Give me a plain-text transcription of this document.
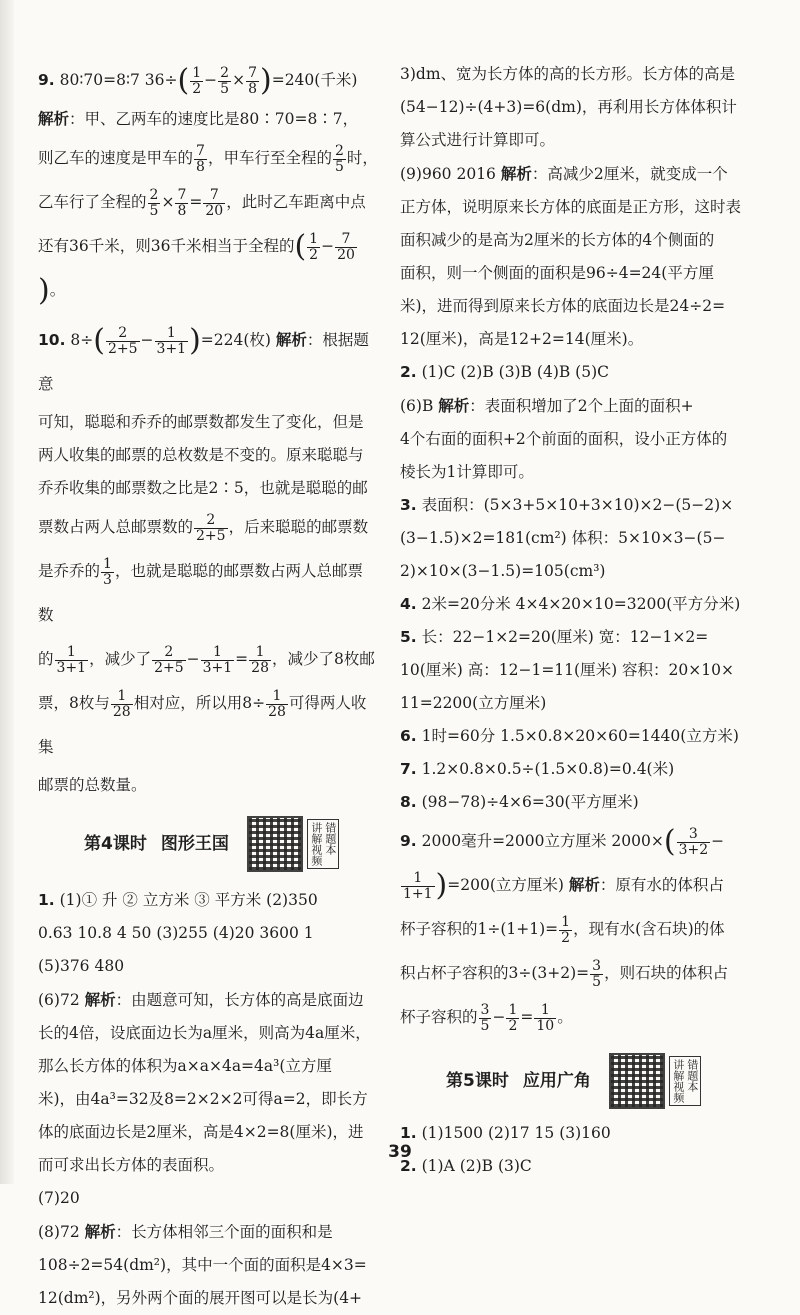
9. 80∶70=8∶7 $36\div( \frac{1}{2} - \frac{2}{5} \times \frac{7}{8} )=240$(千米)

解析：甲、乙两车的速度比是80∶70=8∶7，

则乙车的速度是甲车的 $\frac{7}{8}$ ，甲车行至全程的 $\frac{2}{5}$ 时，
乙车行了全程的 $\frac{2}{5} \times \frac{7}{8} = \frac{7}{20}$ ，此时乙车距离中点
还有36千米，则36千米相当于全程的( $\frac{1}{2} - \frac{7}{20}$
)。
10. $8\div( \frac{2}{2+5} - \frac{1}{3+1} )=224$(枚) 解析：根据题意

可知，聪聪和乔乔的邮票数都发生了变化，但是

两人收集的邮票的总枚数是不变的。原来聪聪与

乔乔收集的邮票数之比是2∶5，也就是聪聪的邮

票数占两人总邮票数的 $\frac{2}{2+5}$ ，后来聪聪的邮票数
是乔乔的 $\frac{1}{3}$ ，也就是聪聪的邮票数占两人总邮票数
的 $\frac{1}{3+1}$ ，减少了 $\frac{2}{2+5} - \frac{1}{3+1} = \frac{1}{28}$ ，减少了8枚邮
票，8枚与 $\frac{1}{28}$ 相对应，所以用$8\div \frac{1}{28}$ 可得两人收集

邮票的总数量。

第4课时 图形王国	讲解视频 错题本

1. (1)① 升 ② 立方米 ③ 平方米 (2)350

0.63 10.8 4 50 (3)255 (4)20 3600 1

(5)376 480

(6)72 解析：由题意可知，长方体的高是底面边

长的4倍，设底面边长为a厘米，则高为4a厘米，

那么长方体的体积为a×a×4a=4a³(立方厘

米)，由4a³=32及8=2×2×2可得a=2，即长方

体的底面边长是2厘米，高是4×2=8(厘米)，进

而可求出长方体的表面积。

(7)20

(8)72 解析：长方体相邻三个面的面积和是

108÷2=54(dm²)，其中一个面的面积是4×3=

12(dm²)，另外两个面的展开图可以是长为(4+

3)dm、宽为长方体的高的长方形。长方体的高是

(54−12)÷(4+3)=6(dm)，再利用长方体体积计

算公式进行计算即可。

(9)960 2016 解析：高减少2厘米，就变成一个

正方体，说明原来长方体的底面是正方形，这时表

面积减少的是高为2厘米的长方体的4个侧面的

面积，则一个侧面的面积是96÷4=24(平方厘

米)，进而得到原来长方体的底面边长是24÷2=

12(厘米)，高是12+2=14(厘米)。

2. (1)C (2)B (3)B (4)B (5)C

(6)B 解析：表面积增加了2个上面的面积+

4个右面的面积+2个前面的面积，设小正方体的

棱长为1计算即可。

3. 表面积：(5×3+5×10+3×10)×2−(5−2)×

(3−1.5)×2=181(cm²) 体积：5×10×3−(5−

2)×10×(3−1.5)=105(cm³)

4. 2米=20分米 4×4×20×10=3200(平方分米)

5. 长：22−1×2=20(厘米) 宽：12−1×2=

10(厘米) 高：12−1=11(厘米) 容积：20×10×

11=2200(立方厘米)

6. 1时=60分 1.5×0.8×20×60=1440(立方米)

7. 1.2×0.8×0.5÷(1.5×0.8)=0.4(米)

8. (98−78)÷4×6=30(平方厘米)

9. 2000毫升=2000立方厘米 $2000\times( \frac{3}{3+2}$ −
$\frac{1}{1+1} )=200$(立方厘米) 解析：原有水的体积占
杯子容积的$1\div(1+1)= \frac{1}{2}$ ，现有水(含石块)的体
积占杯子容积的$3\div(3+2)= \frac{3}{5}$ ，则石块的体积占
杯子容积的 $\frac{3}{5} - \frac{1}{2} = \frac{1}{10}$ 。
第5课时 应用广角	讲解视频 错题本

1. (1)1500 (2)17 15 (3)160

2. (1)A (2)B (3)C

39
